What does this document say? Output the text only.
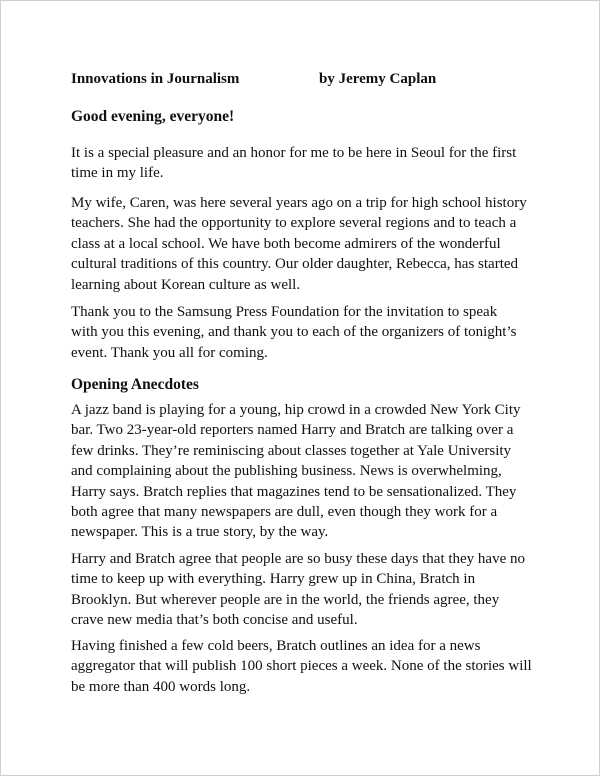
Innovations in Journalism	by Jeremy Caplan
Good evening, everyone!

It is a special pleasure and an honor for me to be here in Seoul for the first
time in my life.

My wife, Caren, was here several years ago on a trip for high school history
teachers. She had the opportunity to explore several regions and to teach a
class at a local school. We have both become admirers of the wonderful
cultural traditions of this country. Our older daughter, Rebecca, has started
learning about Korean culture as well.

Thank you to the Samsung Press Foundation for the invitation to speak
with you this evening, and thank you to each of the organizers of tonight’s
event. Thank you all for coming.

Opening Anecdotes

A jazz band is playing for a young, hip crowd in a crowded New York City
bar. Two 23-year-old reporters named Harry and Bratch are talking over a
few drinks. They’re reminiscing about classes together at Yale University
and complaining about the publishing business. News is overwhelming,
Harry says. Bratch replies that magazines tend to be sensationalized. They
both agree that many newspapers are dull, even though they work for a
newspaper. This is a true story, by the way.

Harry and Bratch agree that people are so busy these days that they have no
time to keep up with everything. Harry grew up in China, Bratch in
Brooklyn. But wherever people are in the world, the friends agree, they
crave new media that’s both concise and useful.

Having finished a few cold beers, Bratch outlines an idea for a news
aggregator that will publish 100 short pieces a week. None of the stories will
be more than 400 words long.
